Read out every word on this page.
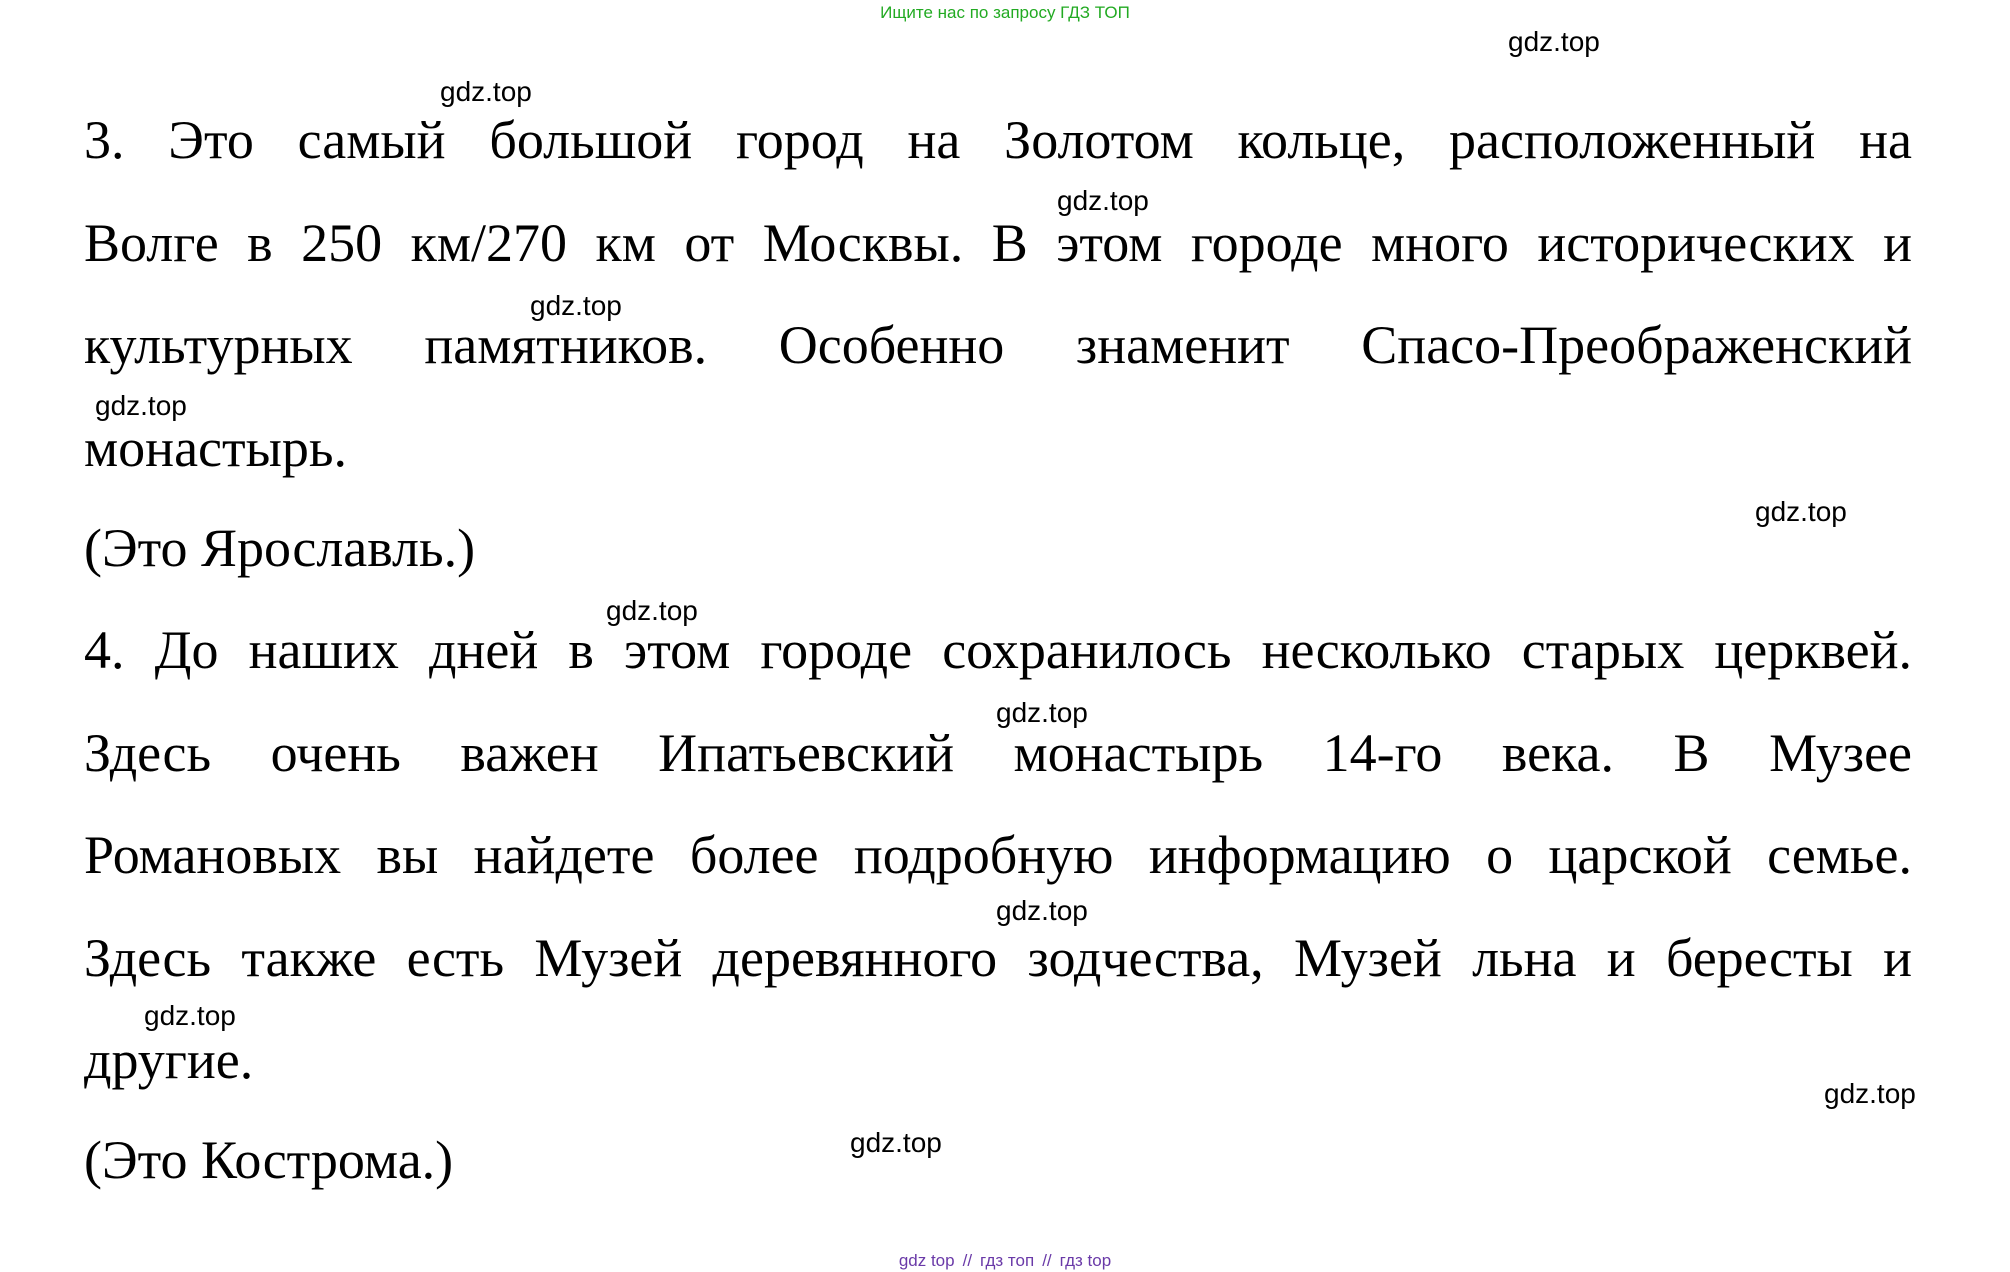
Ищите нас по запросу ГДЗ ТОП
gdz.top
gdz.top
gdz.top
gdz.top
gdz.top
gdz.top
gdz.top
gdz.top
gdz.top
gdz.top
gdz.top
gdz.top
3. Это самый большой город на Золотом кольце, расположенный на
Волге в 250 км/270 км от Москвы. В этом городе много исторических и
культурных памятников. Особенно знаменит Спасо-Преображенский
монастырь.
(Это Ярославль.)
4. До наших дней в этом городе сохранилось несколько старых церквей.
Здесь очень важен Ипатьевский монастырь 14-го века. В Музее
Романовых вы найдете более подробную информацию о царской семье.
Здесь также есть Музей деревянного зодчества, Музей льна и бересты и
другие.
(Это Кострома.)
gdz top // гдз топ // гдз top
